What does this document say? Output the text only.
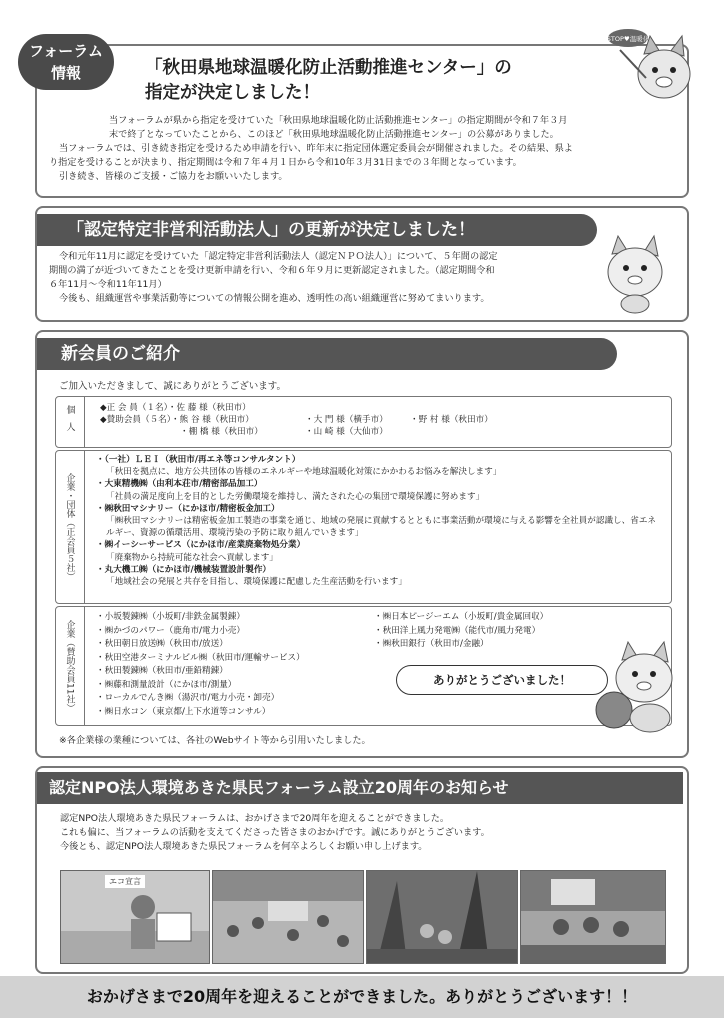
「秋田県地球温暖化防止活動推進センター」の
指定が決定しました！

当フォーラムが県から指定を受けていた「秋田県地球温暖化防止活動推進センター」の指定期間が令和７年３月

末で終了となっていたことから、このほど「秋田県地球温暖化防止活動推進センター」の公募がありました。

当フォーラムでは、引き続き指定を受けるため申請を行い、昨年末に指定団体選定委員会が開催されました。その結果、県よ

り指定を受けることが決まり、指定期間は令和７年４月１日から令和10年３月31日までの３年間となっています。

引き続き、皆様のご支援・ご協力をお願いいたします。

フォーラム
情報
STOP♥温暖化

令和元年11月に認定を受けていた「認定特定非営利活動法人（認定ＮＰＯ法人）」について、５年間の認定

期間の満了が近づいてきたことを受け更新申請を行い、令和６年９月に更新認定されました。（認定期間令和

６年11月〜令和11年11月）

今後も、組織運営や事業活動等についての情報公開を進め、透明性の高い組織運営に努めてまいります。

「認定特定非営利活動法人」の更新が決定しました！
ご加入いただきまして、誠にありがとうございます。
個人	◆正 会 員（１名）・佐 藤 様（秋田市）
◆賛助会員（５名）・熊 谷 様（秋田市）	・大 門 様（横手市）	・野 村 様（秋田市）
・棚 橋 様（秋田市）	・山 崎 様（大仙市）
企業・団体（正会員５社）
・（一社）ＬＥＩ（秋田市/再エネ等コンサルタント）
「秋田を拠点に、地方公共団体の皆様のエネルギーや地球温暖化対策にかかわるお悩みを解決します」
・大東精機㈱（由利本荘市/精密部品加工）
「社員の満足度向上を目的とした労働環境を維持し、満たされた心の集団で環境保護に努めます」
・㈱秋田マシナリー（にかほ市/精密板金加工）
「㈱秋田マシナリーは精密板金加工製造の事業を通じ、地域の発展に貢献するとともに事業活動が環境に与える影響を全社員が認識し、省エネルギー、資源の循環活用、環境汚染の予防に取り組んでいきます」
・㈱イーシーサービス（にかほ市/産業廃棄物処分業）
「廃棄物から持続可能な社会へ貢献します」
・丸大機工㈱（にかほ市/機械装置設計製作）
「地域社会の発展と共存を目指し、環境保護に配慮した生産活動を行います」
企業（賛助会員11社）
・小坂製錬㈱（小坂町/非鉄金属製錬）
・㈱かづのパワー（鹿角市/電力小売）
・秋田朝日放送㈱（秋田市/放送）
・秋田空港ターミナルビル㈱（秋田市/運輸サービス）
・秋田製錬㈱（秋田市/亜鉛精錬）
・㈱藤和測量設計（にかほ市/測量）
・ローカルでんき㈱（湯沢市/電力小売・卸売）
・㈱日水コン（東京都/上下水道等コンサル）
・㈱日本ピージーエム（小坂町/貴金属回収）
・秋田洋上風力発電㈱（能代市/風力発電）
・㈱秋田銀行（秋田市/金融）
ありがとうございました！
※各企業様の業種については、各社のWebサイト等から引用いたしました。
新会員のご紹介
認定NPO法人環境あきた県民フォーラム設立20周年のお知らせ

認定NPO法人環境あきた県民フォーラムは、おかげさまで20周年を迎えることができました。

これも偏に、当フォーラムの活動を支えてくださった皆さまのおかげです。誠にありがとうございます。

今後とも、認定NPO法人環境あきた県民フォーラムを何卒よろしくお願い申し上げます。

エコ宣言
おかげさまで20周年を迎えることができました。ありがとうございます！！
